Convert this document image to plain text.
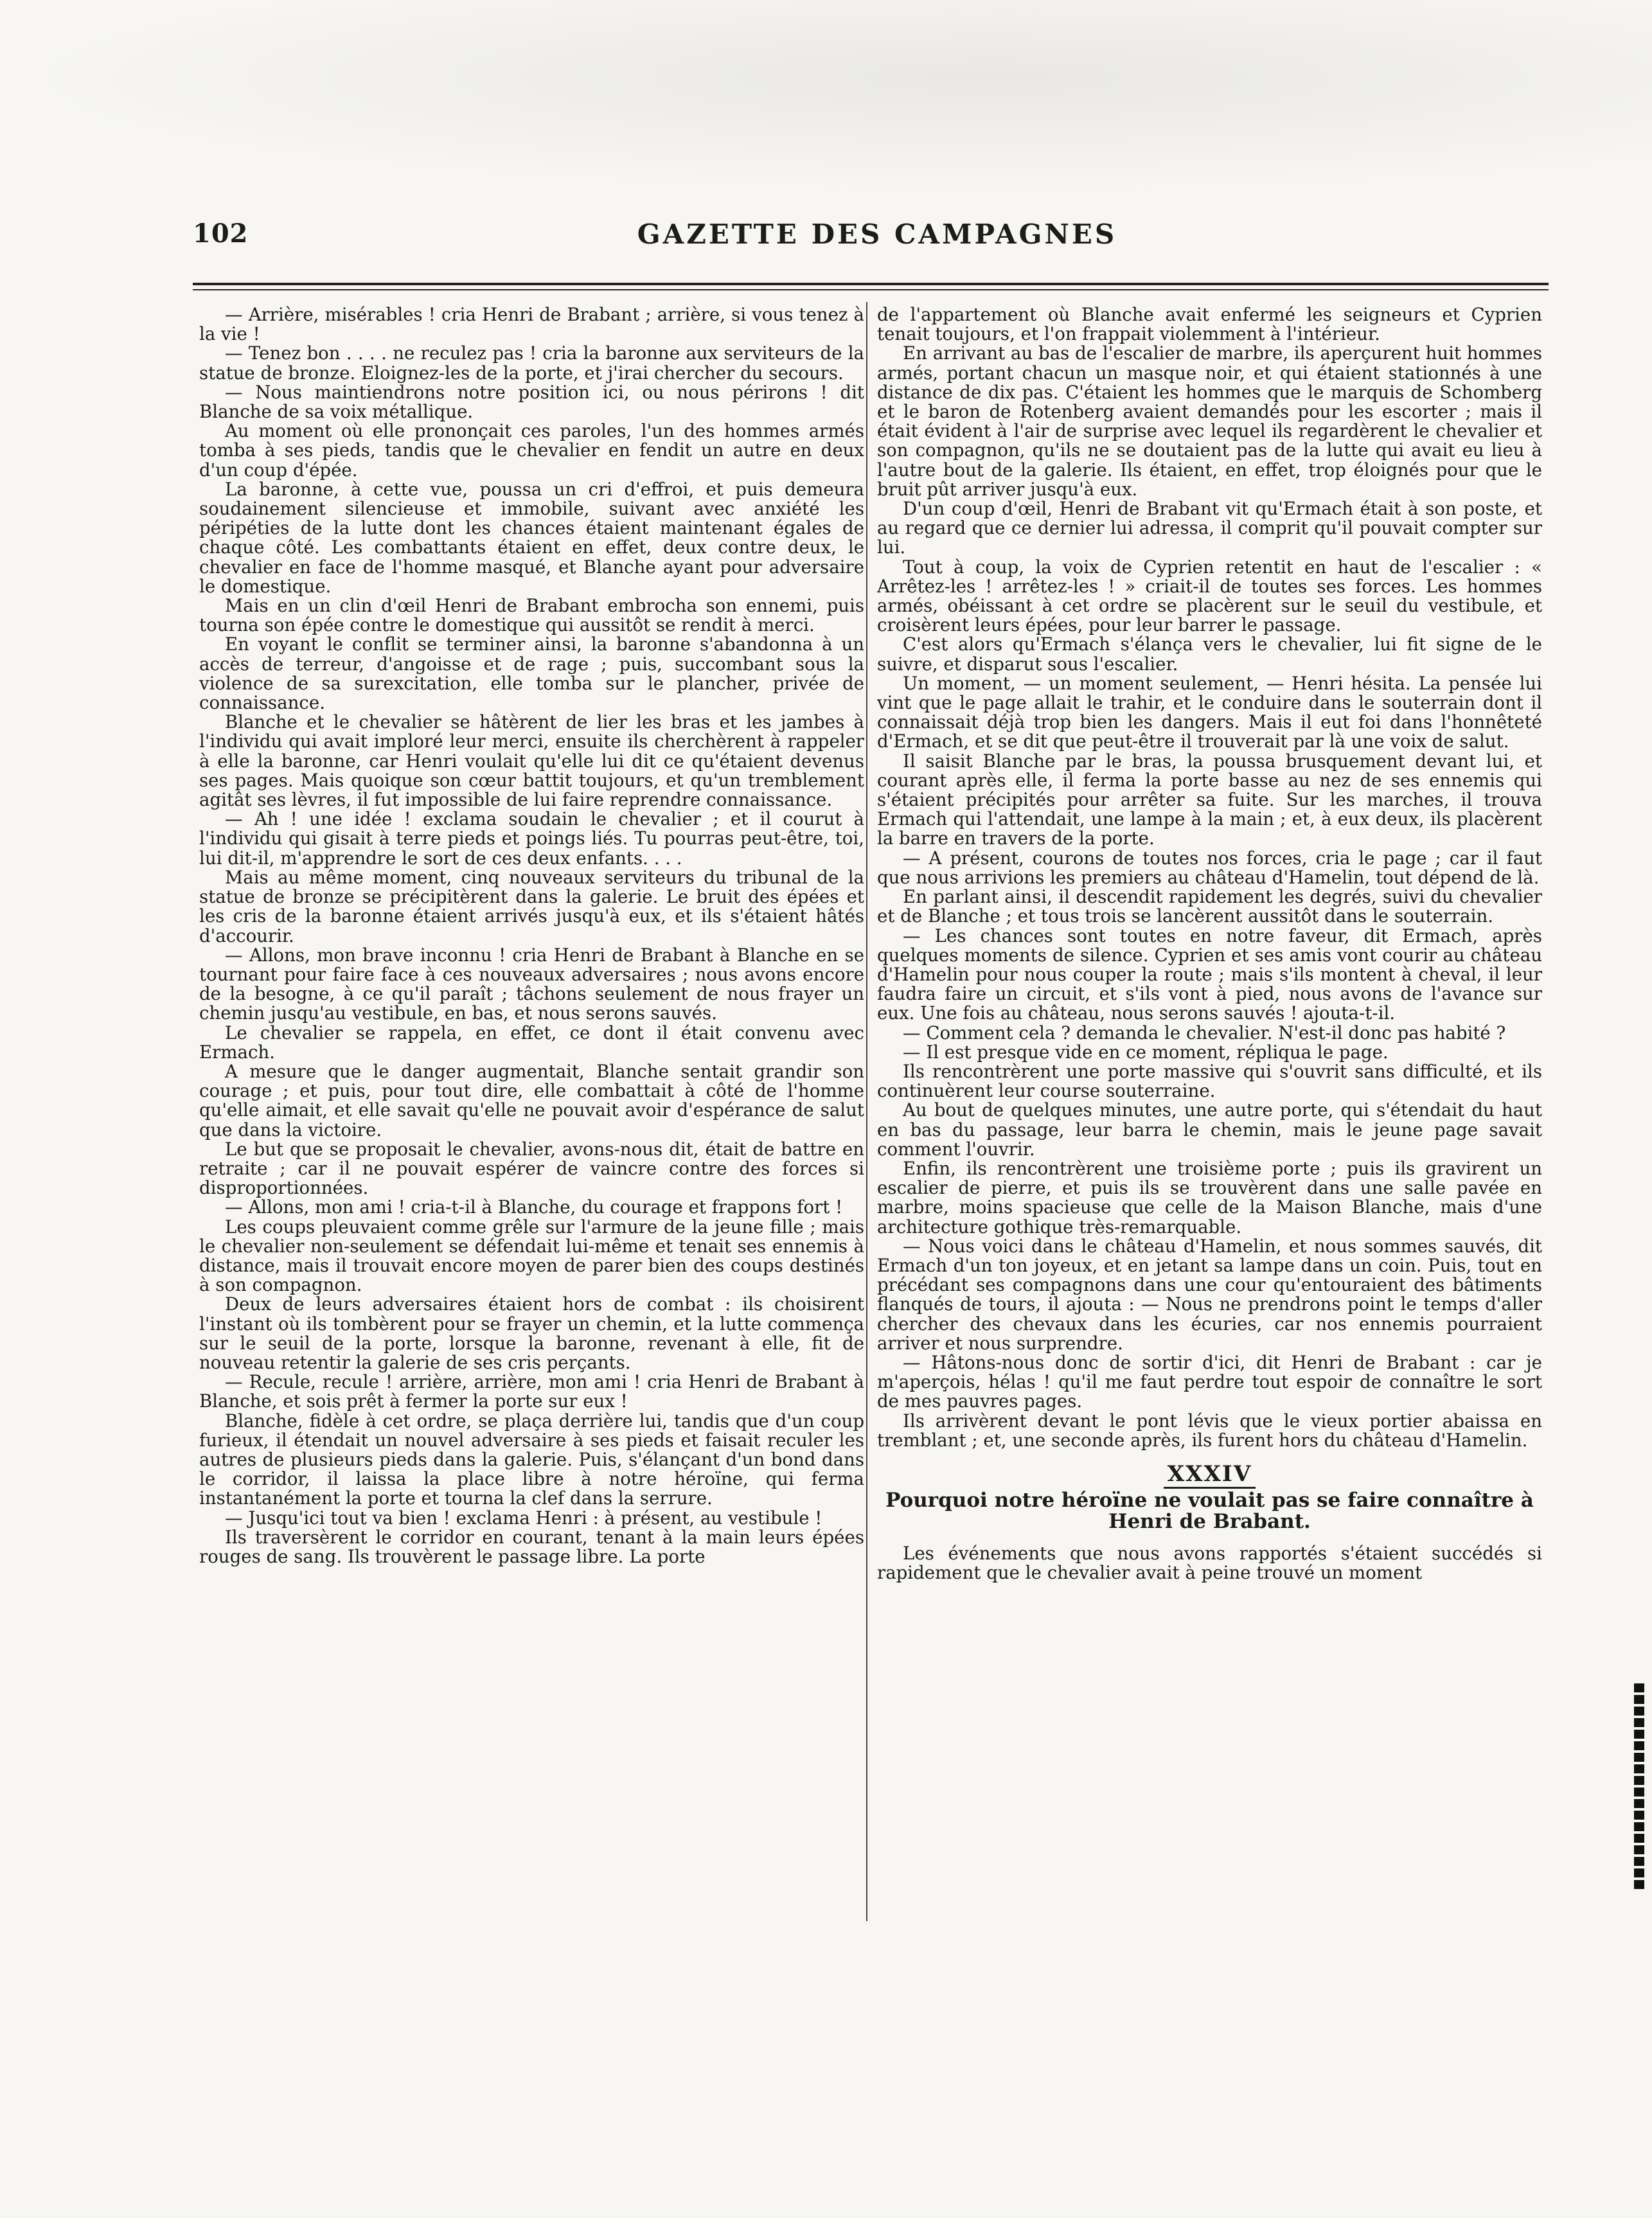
102	GAZETTE DES CAMPAGNES

— Arrière, misérables ! cria Henri de Brabant ; arrière, si vous tenez à la vie !

— Tenez bon . . . . ne reculez pas ! cria la baronne aux serviteurs de la statue de bronze. Eloignez-les de la porte, et j'irai chercher du secours.

— Nous maintiendrons notre position ici, ou nous périrons ! dit Blanche de sa voix métallique.

Au moment où elle prononçait ces paroles, l'un des hommes armés tomba à ses pieds, tandis que le chevalier en fendit un autre en deux d'un coup d'épée.

La baronne, à cette vue, poussa un cri d'effroi, et puis demeura soudainement silencieuse et immobile, suivant avec anxiété les péripéties de la lutte dont les chances étaient maintenant égales de chaque côté. Les combattants étaient en effet, deux contre deux, le chevalier en face de l'homme masqué, et Blanche ayant pour adversaire le domestique.

Mais en un clin d'œil Henri de Brabant embrocha son ennemi, puis tourna son épée contre le domestique qui aussitôt se rendit à merci.

En voyant le conflit se terminer ainsi, la baronne s'abandonna à un accès de terreur, d'angoisse et de rage ; puis, succombant sous la violence de sa surexcitation, elle tomba sur le plancher, privée de connaissance.

Blanche et le chevalier se hâtèrent de lier les bras et les jambes à l'individu qui avait imploré leur merci, ensuite ils cherchèrent à rappeler à elle la baronne, car Henri voulait qu'elle lui dit ce qu'étaient devenus ses pages. Mais quoique son cœur battit toujours, et qu'un tremblement agitât ses lèvres, il fut impossible de lui faire reprendre connaissance.

— Ah ! une idée ! exclama soudain le chevalier ; et il courut à l'individu qui gisait à terre pieds et poings liés. Tu pourras peut-être, toi, lui dit-il, m'apprendre le sort de ces deux enfants. . . .

Mais au même moment, cinq nouveaux serviteurs du tribunal de la statue de bronze se précipitèrent dans la galerie. Le bruit des épées et les cris de la baronne étaient arrivés jusqu'à eux, et ils s'étaient hâtés d'accourir.

— Allons, mon brave inconnu ! cria Henri de Brabant à Blanche en se tournant pour faire face à ces nouveaux adversaires ; nous avons encore de la besogne, à ce qu'il paraît ; tâchons seulement de nous frayer un chemin jusqu'au vestibule, en bas, et nous serons sauvés.

Le chevalier se rappela, en effet, ce dont il était convenu avec Ermach.

A mesure que le danger augmentait, Blanche sentait grandir son courage ; et puis, pour tout dire, elle combattait à côté de l'homme qu'elle aimait, et elle savait qu'elle ne pouvait avoir d'espérance de salut que dans la victoire.

Le but que se proposait le chevalier, avons-nous dit, était de battre en retraite ; car il ne pouvait espérer de vaincre contre des forces si disproportionnées.

— Allons, mon ami ! cria-t-il à Blanche, du courage et frappons fort !

Les coups pleuvaient comme grêle sur l'armure de la jeune fille ; mais le chevalier non-seulement se défendait lui-même et tenait ses ennemis à distance, mais il trouvait encore moyen de parer bien des coups destinés à son compagnon.

Deux de leurs adversaires étaient hors de combat : ils choisirent l'instant où ils tombèrent pour se frayer un chemin, et la lutte commença sur le seuil de la porte, lorsque la baronne, revenant à elle, fit de nouveau retentir la galerie de ses cris perçants.

— Recule, recule ! arrière, arrière, mon ami ! cria Henri de Brabant à Blanche, et sois prêt à fermer la porte sur eux !

Blanche, fidèle à cet ordre, se plaça derrière lui, tandis que d'un coup furieux, il étendait un nouvel adversaire à ses pieds et faisait reculer les autres de plusieurs pieds dans la galerie. Puis, s'élançant d'un bond dans le corridor, il laissa la place libre à notre héroïne, qui ferma instantanément la porte et tourna la clef dans la serrure.

— Jusqu'ici tout va bien ! exclama Henri : à présent, au vestibule !

Ils traversèrent le corridor en courant, tenant à la main leurs épées rouges de sang. Ils trouvèrent le passage libre. La porte

de l'appartement où Blanche avait enfermé les seigneurs et Cyprien tenait toujours, et l'on frappait violemment à l'intérieur.

En arrivant au bas de l'escalier de marbre, ils aperçurent huit hommes armés, portant chacun un masque noir, et qui étaient stationnés à une distance de dix pas. C'étaient les hommes que le marquis de Schomberg et le baron de Rotenberg avaient demandés pour les escorter ; mais il était évident à l'air de surprise avec lequel ils regardèrent le chevalier et son compagnon, qu'ils ne se doutaient pas de la lutte qui avait eu lieu à l'autre bout de la galerie. Ils étaient, en effet, trop éloignés pour que le bruit pût arriver jusqu'à eux.

D'un coup d'œil, Henri de Brabant vit qu'Ermach était à son poste, et au regard que ce dernier lui adressa, il comprit qu'il pouvait compter sur lui.

Tout à coup, la voix de Cyprien retentit en haut de l'escalier : « Arrêtez-les ! arrêtez-les ! » criait-il de toutes ses forces. Les hommes armés, obéissant à cet ordre se placèrent sur le seuil du vestibule, et croisèrent leurs épées, pour leur barrer le passage.

C'est alors qu'Ermach s'élança vers le chevalier, lui fit signe de le suivre, et disparut sous l'escalier.

Un moment, — un moment seulement, — Henri hésita. La pensée lui vint que le page allait le trahir, et le conduire dans le souterrain dont il connaissait déjà trop bien les dangers. Mais il eut foi dans l'honnêteté d'Ermach, et se dit que peut-être il trouverait par là une voix de salut.

Il saisit Blanche par le bras, la poussa brusquement devant lui, et courant après elle, il ferma la porte basse au nez de ses ennemis qui s'étaient précipités pour arrêter sa fuite. Sur les marches, il trouva Ermach qui l'attendait, une lampe à la main ; et, à eux deux, ils placèrent la barre en travers de la porte.

— A présent, courons de toutes nos forces, cria le page ; car il faut que nous arrivions les premiers au château d'Hamelin, tout dépend de là.

En parlant ainsi, il descendit rapidement les degrés, suivi du chevalier et de Blanche ; et tous trois se lancèrent aussitôt dans le souterrain.

— Les chances sont toutes en notre faveur, dit Ermach, après quelques moments de silence. Cyprien et ses amis vont courir au château d'Hamelin pour nous couper la route ; mais s'ils montent à cheval, il leur faudra faire un circuit, et s'ils vont à pied, nous avons de l'avance sur eux. Une fois au château, nous serons sauvés ! ajouta-t-il.

— Comment cela ? demanda le chevalier. N'est-il donc pas habité ?

— Il est presque vide en ce moment, répliqua le page.

Ils rencontrèrent une porte massive qui s'ouvrit sans difficulté, et ils continuèrent leur course souterraine.

Au bout de quelques minutes, une autre porte, qui s'étendait du haut en bas du passage, leur barra le chemin, mais le jeune page savait comment l'ouvrir.

Enfin, ils rencontrèrent une troisième porte ; puis ils gravirent un escalier de pierre, et puis ils se trouvèrent dans une salle pavée en marbre, moins spacieuse que celle de la Maison Blanche, mais d'une architecture gothique très-remarquable.

— Nous voici dans le château d'Hamelin, et nous sommes sauvés, dit Ermach d'un ton joyeux, et en jetant sa lampe dans un coin. Puis, tout en précédant ses compagnons dans une cour qu'entouraient des bâtiments flanqués de tours, il ajouta : — Nous ne prendrons point le temps d'aller chercher des chevaux dans les écuries, car nos ennemis pourraient arriver et nous surprendre.

— Hâtons-nous donc de sortir d'ici, dit Henri de Brabant : car je m'aperçois, hélas ! qu'il me faut perdre tout espoir de connaître le sort de mes pauvres pages.

Ils arrivèrent devant le pont lévis que le vieux portier abaissa en tremblant ; et, une seconde après, ils furent hors du château d'Hamelin.

XXXIV
Pourquoi notre héroïne ne voulait pas se faire connaître à Henri de Brabant.

Les événements que nous avons rapportés s'étaient succédés si rapidement que le chevalier avait à peine trouvé un moment
